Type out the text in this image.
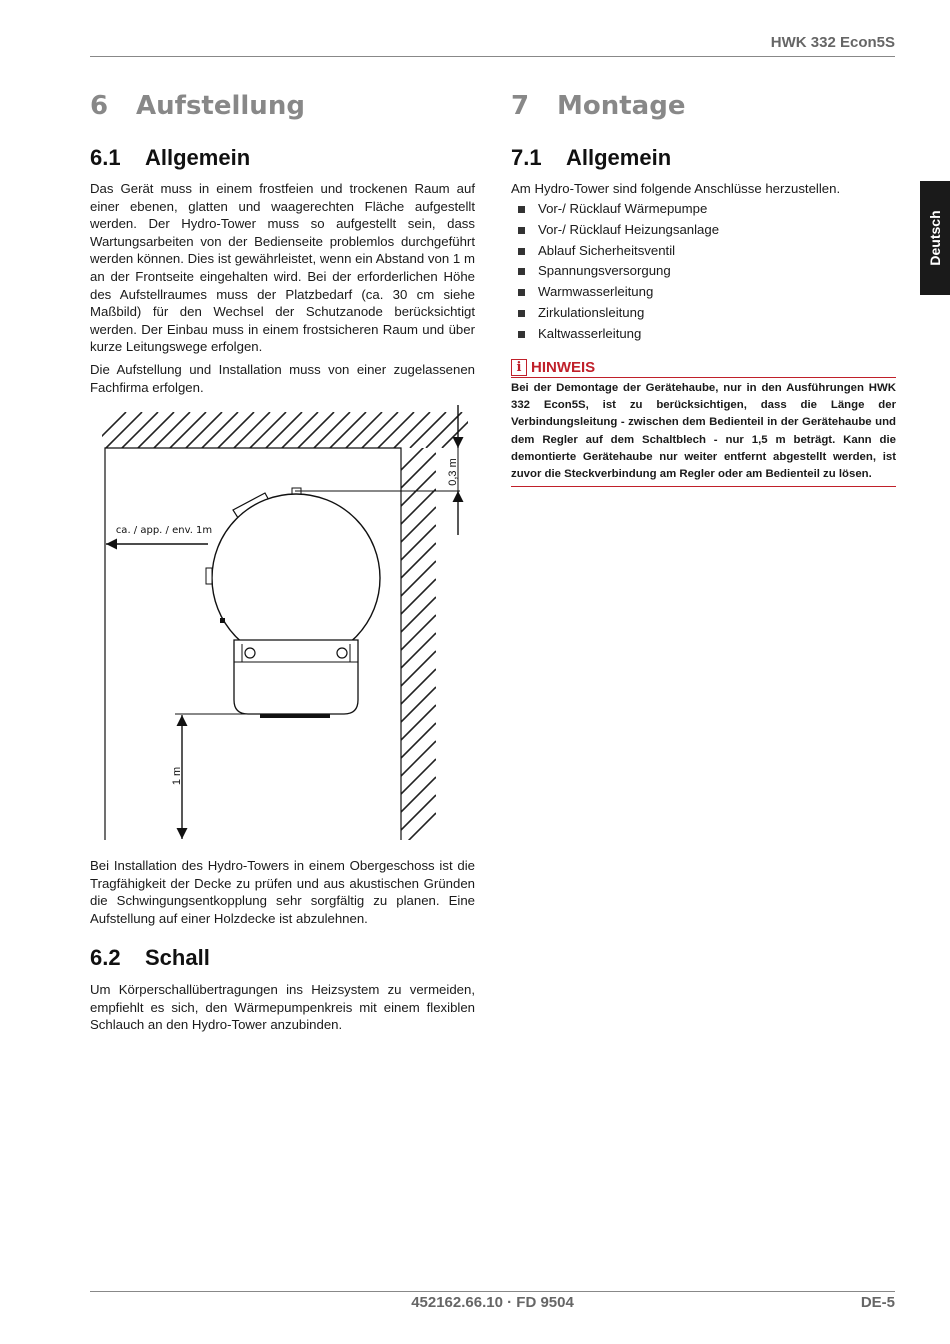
HWK 332 Econ5S
Deutsch
6 Aufstellung
6.1 Allgemein

Das Gerät muss in einem frostfeien und trockenen Raum auf einer ebenen, glatten und waagerechten Fläche aufgestellt werden. Der Hydro-Tower muss so aufgestellt sein, dass Wartungsarbeiten von der Bedienseite problemlos durchgeführt werden können. Dies ist gewährleistet, wenn ein Abstand von 1 m an der Frontseite eingehalten wird. Bei der erforderlichen Höhe des Aufstellraumes muss der Platzbedarf (ca. 30 cm siehe Maßbild) für den Wechsel der Schutzanode berücksichtigt werden. Der Einbau muss in einem frostsicheren Raum und über kurze Leitungswege erfolgen.

Die Aufstellung und Installation muss von einer zugelassenen Fachfirma erfolgen.

0,3 m
ca. / app. / env. 1m
1 m

Bei Installation des Hydro-Towers in einem Obergeschoss ist die Tragfähigkeit der Decke zu prüfen und aus akustischen Gründen die Schwingungsentkopplung sehr sorgfältig zu planen. Eine Aufstellung auf einer Holzdecke ist abzulehnen.

6.2 Schall

Um Körperschallübertragungen ins Heizsystem zu vermeiden, empfiehlt es sich, den Wärmepumpenkreis mit einem flexiblen Schlauch an den Hydro-Tower anzubinden.

7 Montage
7.1 Allgemein

Am Hydro-Tower sind folgende Anschlüsse herzustellen.

Vor-/ Rücklauf Wärmepumpe
Vor-/ Rücklauf Heizungsanlage
Ablauf Sicherheitsventil
Spannungsversorgung
Warmwasserleitung
Zirkulationsleitung
Kaltwasserleitung
i HINWEIS
Bei der Demontage der Gerätehaube, nur in den Ausführungen HWK 332 Econ5S, ist zu berücksichtigen, dass die Länge der Verbindungsleitung - zwischen dem Bedienteil in der Gerätehaube und dem Regler auf dem Schaltblech - nur 1,5 m beträgt. Kann die demontierte Gerätehaube nur weiter entfernt abgestellt werden, ist zuvor die Steckverbindung am Regler oder am Bedienteil zu lösen.
452162.66.10 · FD 9504	DE-5
